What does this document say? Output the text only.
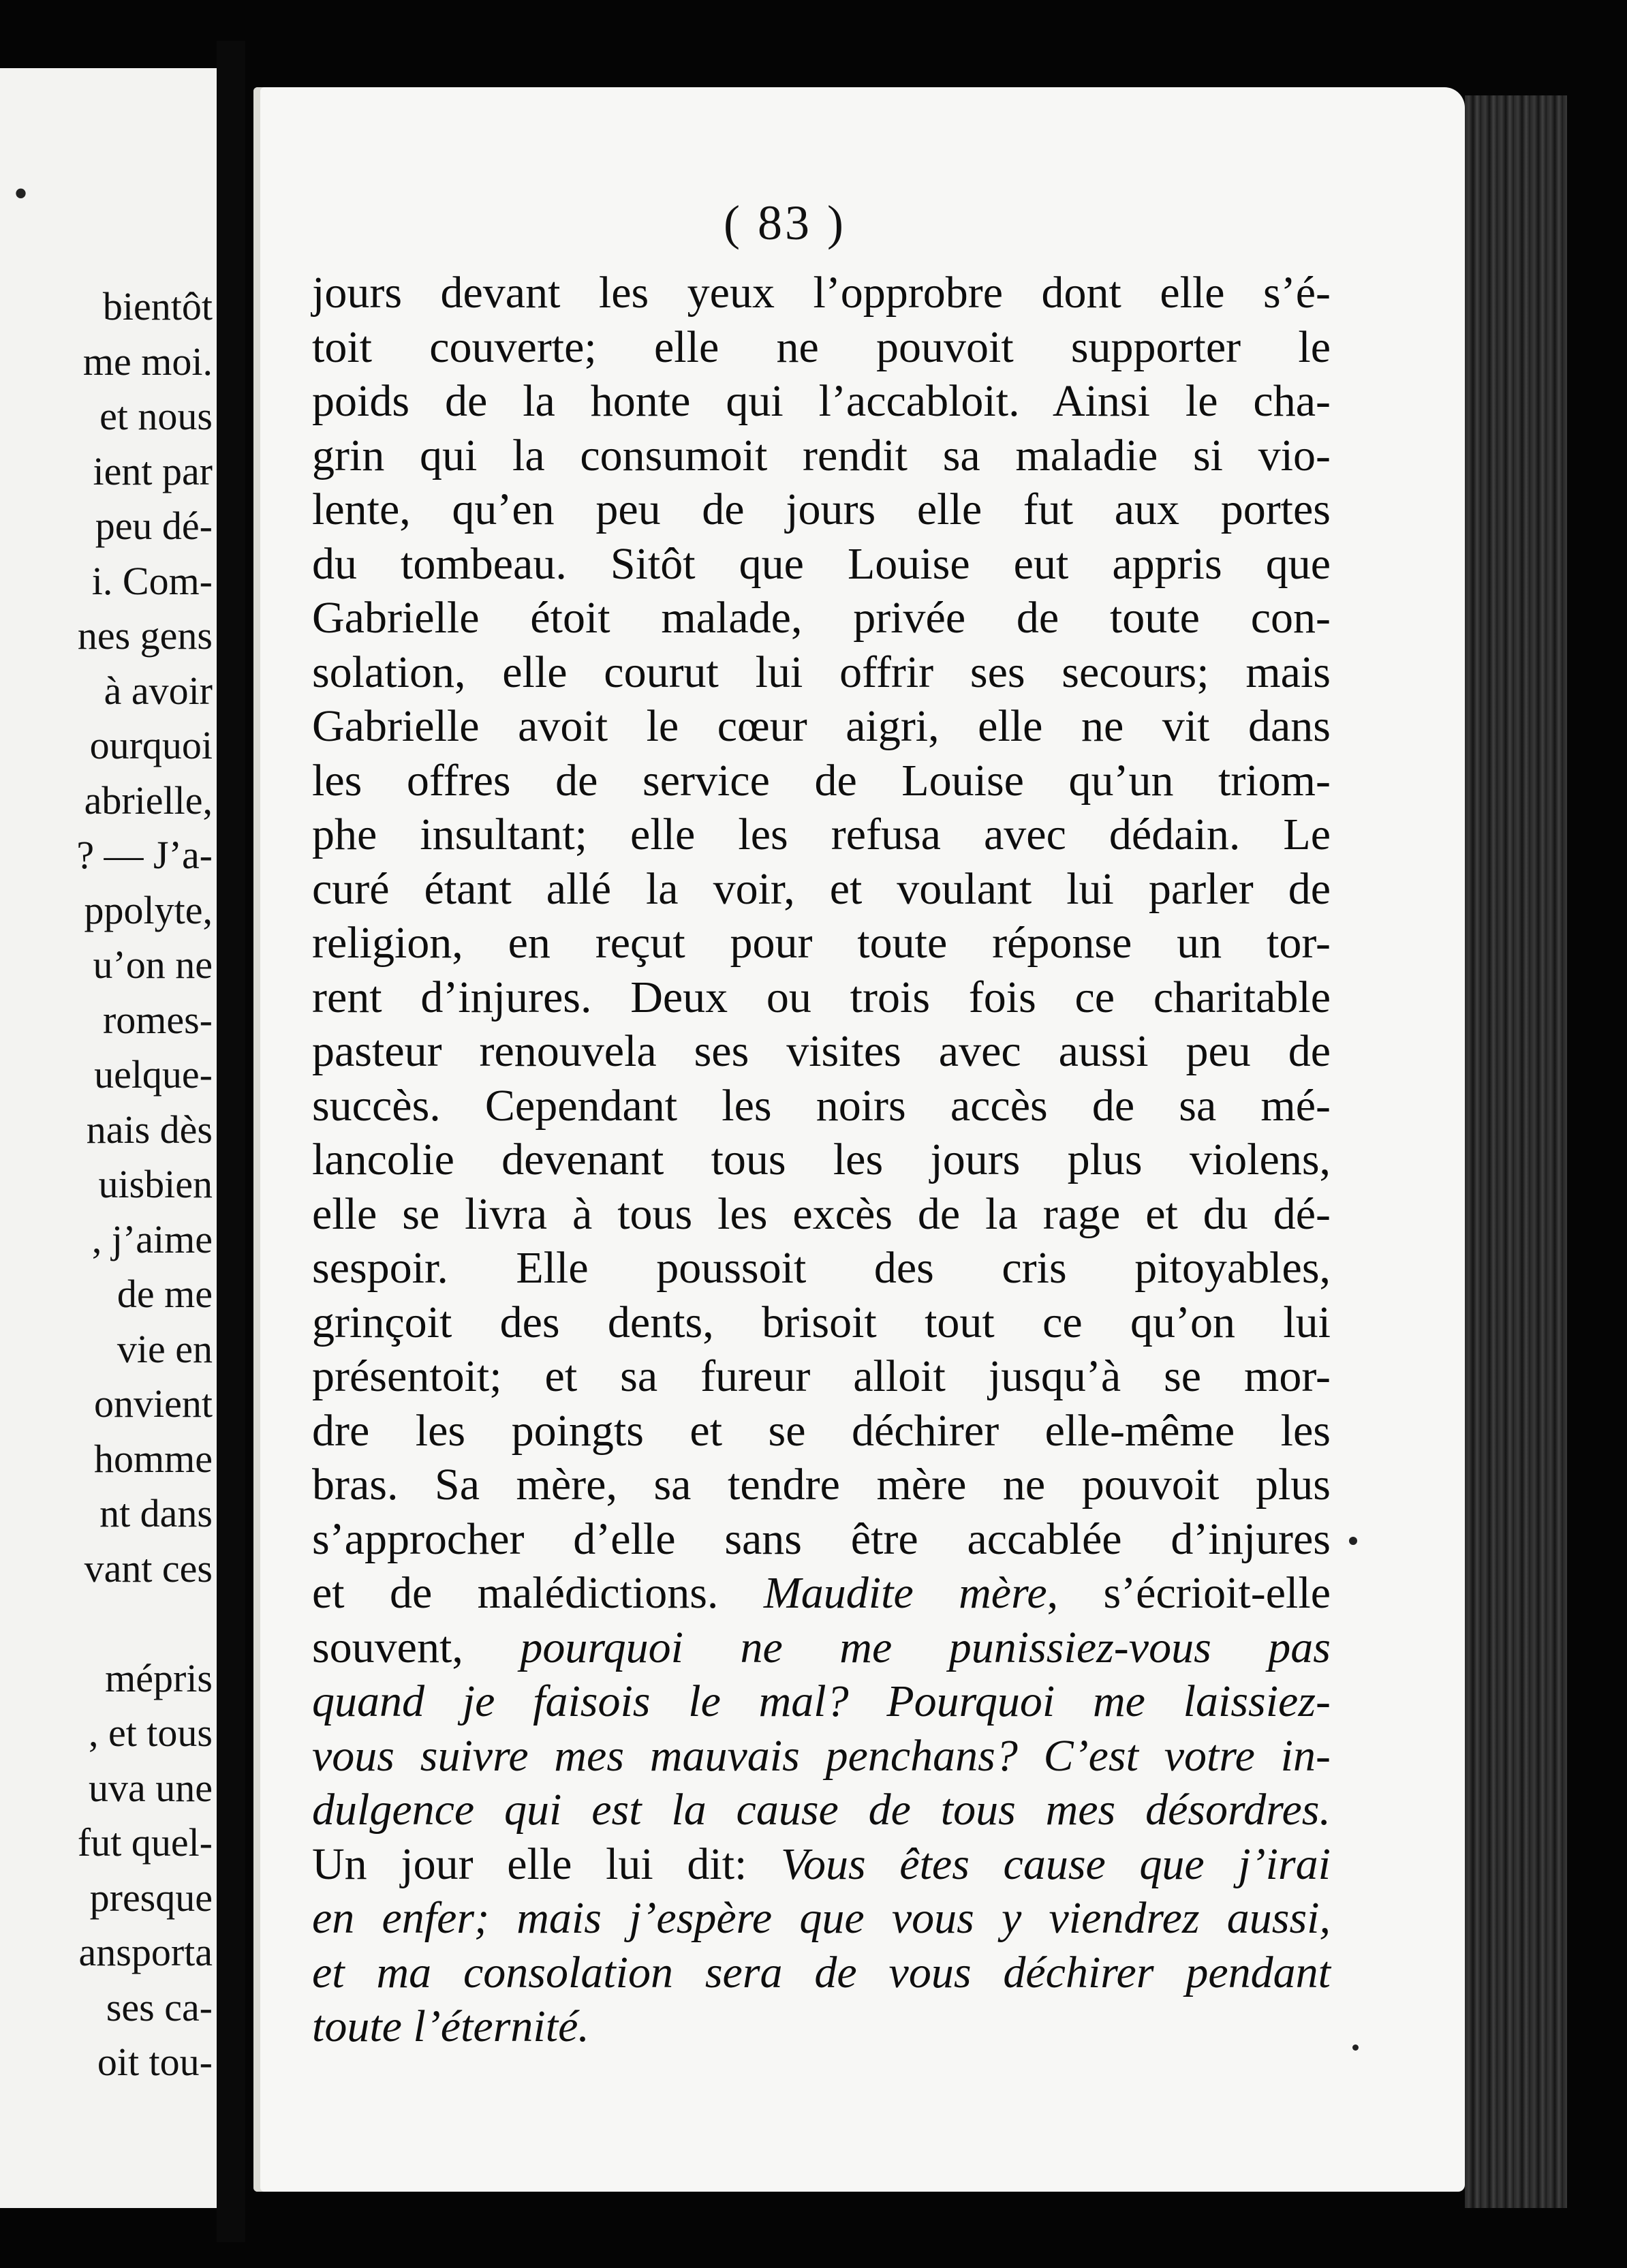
•
bientôt
me moi.
et nous
ient par
peu dé-
i. Com-
nes gens
à avoir
ourquoi
abrielle,
? — J’a-
ppolyte,
u’on ne
romes-
uelque-
nais dès
uisbien
, j’aime
de me
vie en
onvient
homme
nt dans
vant ces
mépris
, et tous
uva une
fut quel-
presque
ansporta
ses ca-
oit tou-
( 83 )
jours devant les yeux l’opprobre dont elle s’é-
toit couverte; elle ne pouvoit supporter le
poids de la honte qui l’accabloit. Ainsi le cha-
grin qui la consumoit rendit sa maladie si vio-
lente, qu’en peu de jours elle fut aux portes
du tombeau. Sitôt que Louise eut appris que
Gabrielle étoit malade, privée de toute con-
solation, elle courut lui offrir ses secours; mais
Gabrielle avoit le cœur aigri, elle ne vit dans
les offres de service de Louise qu’un triom-
phe insultant; elle les refusa avec dédain. Le
curé étant allé la voir, et voulant lui parler de
religion, en reçut pour toute réponse un tor-
rent d’injures. Deux ou trois fois ce charitable
pasteur renouvela ses visites avec aussi peu de
succès. Cependant les noirs accès de sa mé-
lancolie devenant tous les jours plus violens,
elle se livra à tous les excès de la rage et du dé-
sespoir. Elle poussoit des cris pitoyables,
grinçoit des dents, brisoit tout ce qu’on lui
présentoit; et sa fureur alloit jusqu’à se mor-
dre les poingts et se déchirer elle-même les
bras. Sa mère, sa tendre mère ne pouvoit plus
s’approcher d’elle sans être accablée d’injures
et de malédictions. Maudite mère, s’écrioit-elle
souvent, pourquoi ne me punissiez-vous pas
quand je faisois le mal? Pourquoi me laissiez-
vous suivre mes mauvais penchans? C’est votre in-
dulgence qui est la cause de tous mes désordres.
Un jour elle lui dit: Vous êtes cause que j’irai
en enfer; mais j’espère que vous y viendrez aussi,
et ma consolation sera de vous déchirer pendant
toute l’éternité.
